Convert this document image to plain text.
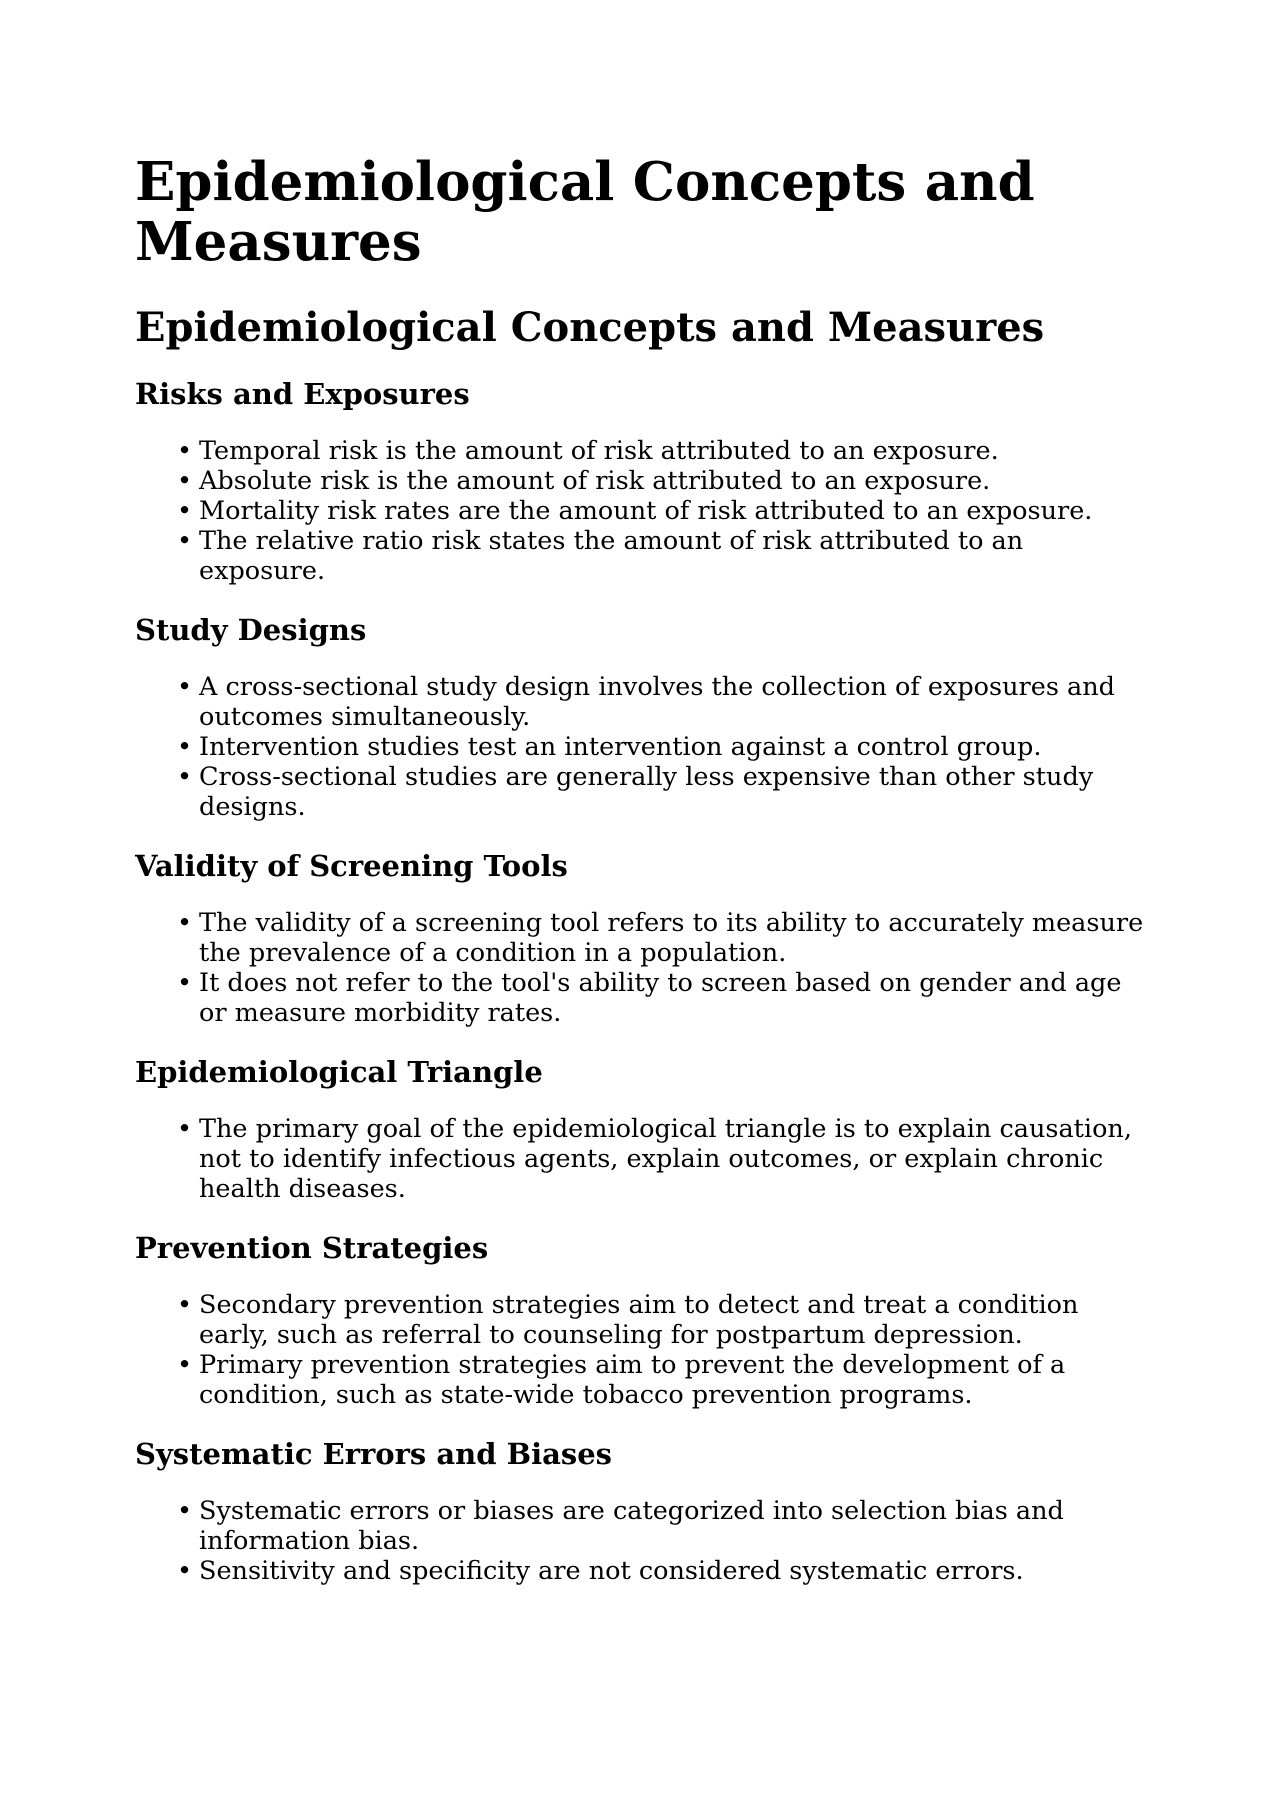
Epidemiological Concepts and Measures
Epidemiological Concepts and Measures
Risks and Exposures
• Temporal risk is the amount of risk attributed to an exposure.
• Absolute risk is the amount of risk attributed to an exposure.
• Mortality risk rates are the amount of risk attributed to an exposure.
• The relative ratio risk states the amount of risk attributed to an exposure.
Study Designs
• A cross-sectional study design involves the collection of exposures and outcomes simultaneously.
• Intervention studies test an intervention against a control group.
• Cross-sectional studies are generally less expensive than other study designs.
Validity of Screening Tools
• The validity of a screening tool refers to its ability to accurately measure the prevalence of a condition in a population.
• It does not refer to the tool's ability to screen based on gender and age or measure morbidity rates.
Epidemiological Triangle
• The primary goal of the epidemiological triangle is to explain causation, not to identify infectious agents, explain outcomes, or explain chronic health diseases.
Prevention Strategies
• Secondary prevention strategies aim to detect and treat a condition early, such as referral to counseling for postpartum depression.
• Primary prevention strategies aim to prevent the development of a condition, such as state-wide tobacco prevention programs.
Systematic Errors and Biases
• Systematic errors or biases are categorized into selection bias and information bias.
• Sensitivity and specificity are not considered systematic errors.
